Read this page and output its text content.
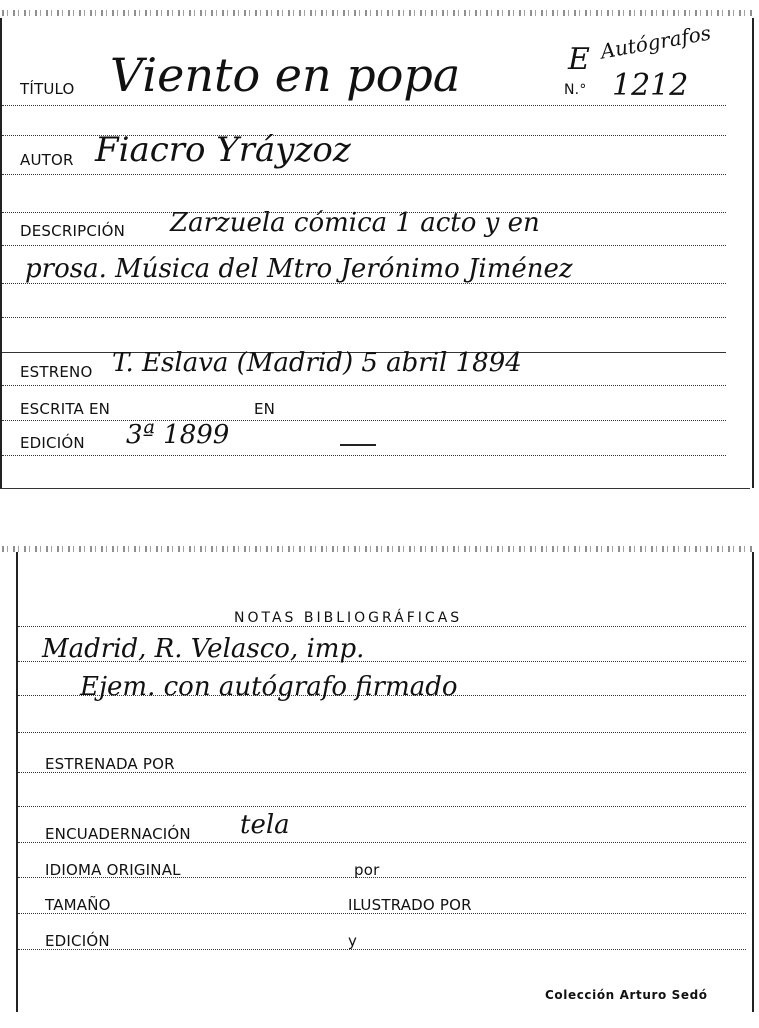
TÍTULO Viento en popa
Autógrafos
E
N.° 1212
AUTOR Fiacro Yráyzoz
DESCRIPCIÓN Zarzuela cómica 1 acto y en
prosa. Música del Mtro Jerónimo Jiménez
ESTRENO T. Eslava (Madrid) 5 abril 1894
ESCRITA EN	EN
EDICIÓN 3ª 1899
NOTAS BIBLIOGRÁFICAS
Madrid, R. Velasco, imp.
Ejem. con autógrafo firmado
ESTRENADA POR
ENCUADERNACIÓN tela
IDIOMA ORIGINAL	por
TAMAÑO	ILUSTRADO POR
EDICIÓN	y
Colección Arturo Sedó
